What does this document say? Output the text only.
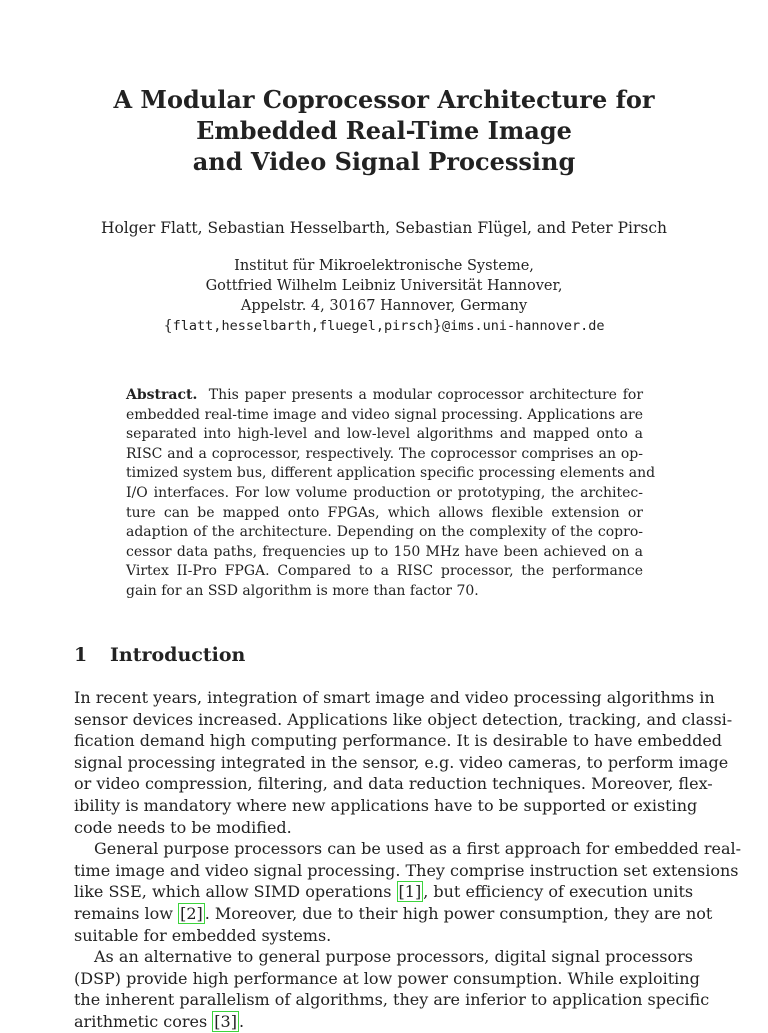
A Modular Coprocessor Architecture for
Embedded Real-Time Image
and Video Signal Processing
Holger Flatt, Sebastian Hesselbarth, Sebastian Flügel, and Peter Pirsch
Institut für Mikroelektronische Systeme,
Gottfried Wilhelm Leibniz Universität Hannover,
Appelstr. 4, 30167 Hannover, Germany
{flatt,hesselbarth,fluegel,pirsch}@ims.uni-hannover.de
Abstract. This paper presents a modular coprocessor architecture for
embedded real-time image and video signal processing. Applications are
separated into high-level and low-level algorithms and mapped onto a
RISC and a coprocessor, respectively. The coprocessor comprises an op-
timized system bus, different application specific processing elements and
I/O interfaces. For low volume production or prototyping, the architec-
ture can be mapped onto FPGAs, which allows flexible extension or
adaption of the architecture. Depending on the complexity of the copro-
cessor data paths, frequencies up to 150 MHz have been achieved on a
Virtex II-Pro FPGA. Compared to a RISC processor, the performance
gain for an SSD algorithm is more than factor 70.
1 Introduction
In recent years, integration of smart image and video processing algorithms in
sensor devices increased. Applications like object detection, tracking, and classi-
fication demand high computing performance. It is desirable to have embedded
signal processing integrated in the sensor, e.g. video cameras, to perform image
or video compression, filtering, and data reduction techniques. Moreover, flex-
ibility is mandatory where new applications have to be supported or existing
code needs to be modified.
General purpose processors can be used as a first approach for embedded real-
time image and video signal processing. They comprise instruction set extensions
like SSE, which allow SIMD operations [1] , but efficiency of execution units
remains low [2] . Moreover, due to their high power consumption, they are not
suitable for embedded systems.
As an alternative to general purpose processors, digital signal processors
(DSP) provide high performance at low power consumption. While exploiting
the inherent parallelism of algorithms, they are inferior to application specific
arithmetic cores [3] .
